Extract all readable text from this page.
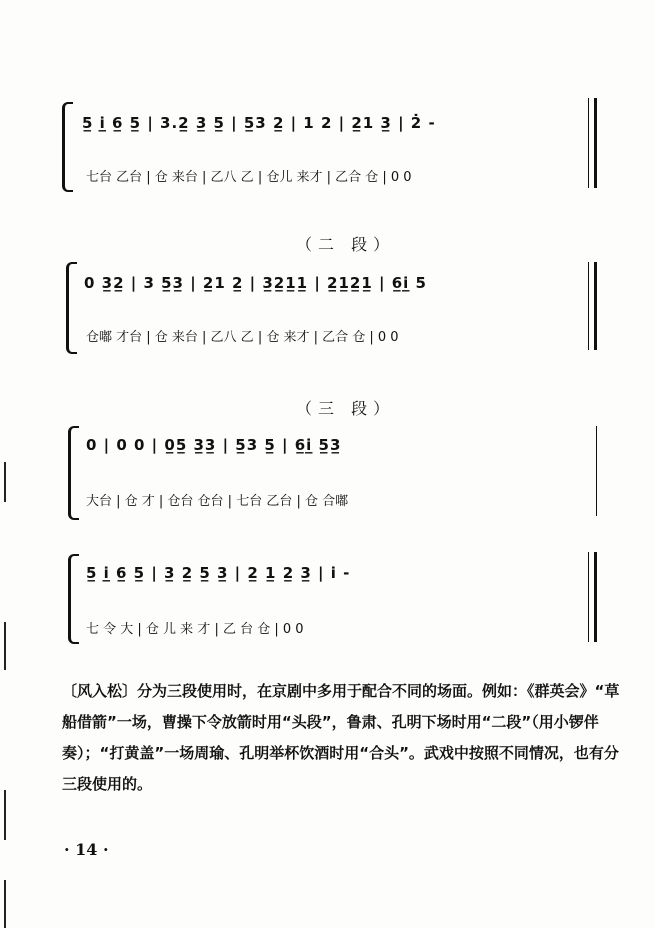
5̲ i̲ 6̲ 5̲ | 3.2̲ 3̲ 5̲ | 5̲3 2̲ | 1 2 | 2̲1 3̲ | 2̇ -
七台 乙台 | 仓 来台 | 乙八 乙 | 仓儿 来才 | 乙合 仓 | 0 0
（二 段）
0 3̲2̲ | 3 5̲3̲ | 2̲1 2̲ | 3̲2̲1̲1̲ | 2̲1̲2̲1̲ | 6̲i̲ 5
仓嘟 才台 | 仓 来台 | 乙八 乙 | 仓 来才 | 乙合 仓 | 0 0
（三 段）
0 | 0 0 | 0̲5̲ 3̲3̲ | 5̲3 5̲ | 6̲i̲ 5̲3̲
大台 | 仓 才 | 仓台 仓台 | 七台 乙台 | 仓 合嘟
5̲ i̲ 6̲ 5̲ | 3̲ 2̲ 5̲ 3̲ | 2̲ 1̲ 2̲ 3̲ | i -
七 令 大 | 仓 儿 来 才 | 乙 台 仓 | 0 0

〔风入松〕分为三段使用时，在京剧中多用于配合不同的场面。例如：《群英会》“草船借箭”一场，曹操下令放箭时用“头段”，鲁肃、孔明下场时用“二段”（用小锣伴奏）；“打黄盖”一场周瑜、孔明举杯饮酒时用“合头”。武戏中按照不同情况，也有分三段使用的。

· 14 ·
